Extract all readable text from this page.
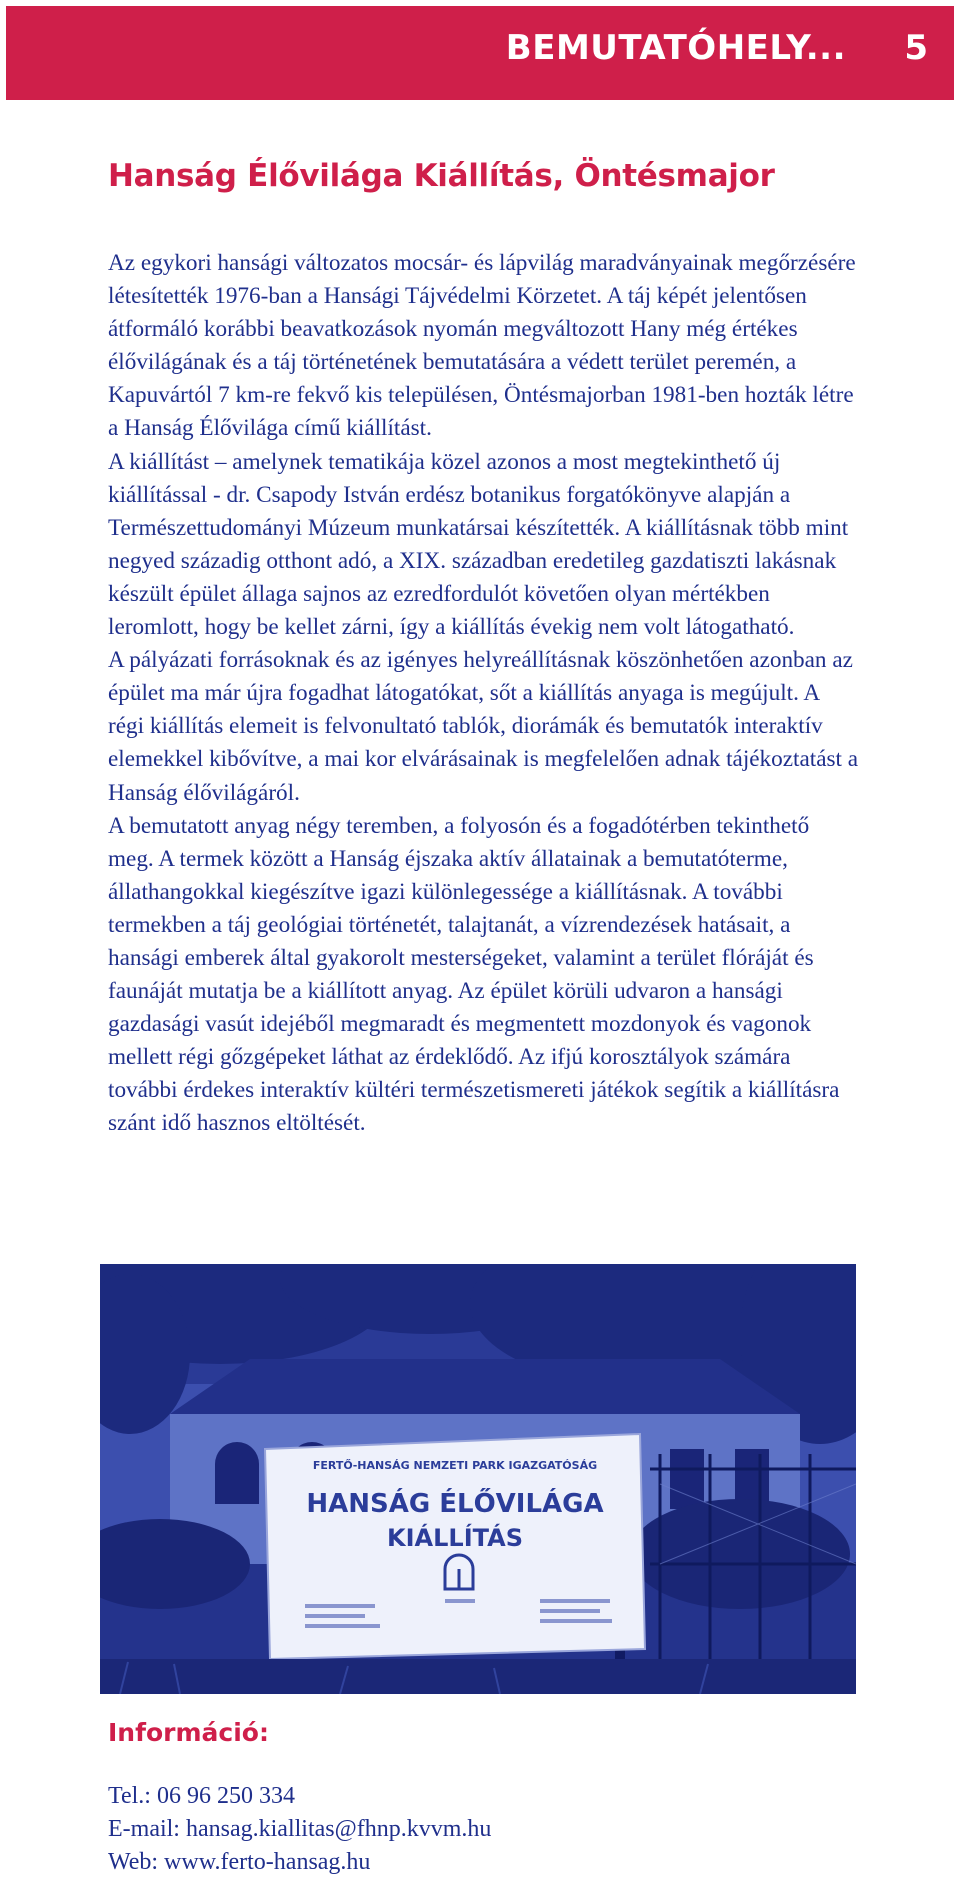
BEMUTATÓHELY... 5
Hanság Élővilága Kiállítás, Öntésmajor

Az egykori hansági változatos mocsár- és lápvilág maradványainak megőrzésére létesítették 1976-ban a Hansági Tájvédelmi Körzetet. A táj képét jelentősen átformáló korábbi beavatkozások nyomán megváltozott Hany még értékes élővilágának és a táj történetének bemutatására a védett terület peremén, a Kapuvártól 7 km-re fekvő kis településen, Öntésmajorban 1981-ben hozták létre a Hanság Élővilága című kiállítást.

A kiállítást – amelynek tematikája közel azonos a most megtekinthető új kiállítással - dr. Csapody István erdész botanikus forgatókönyve alapján a Természettudományi Múzeum munkatársai készítették. A kiállításnak több mint negyed századig otthont adó, a XIX. században eredetileg gazdatiszti lakásnak készült épület állaga sajnos az ezredfordulót követően olyan mértékben leromlott, hogy be kellet zárni, így a kiállítás évekig nem volt látogatható.

A pályázati forrásoknak és az igényes helyreállításnak köszönhetően azonban az épület ma már újra fogadhat látogatókat, sőt a kiállítás anyaga is megújult. A régi kiállítás elemeit is felvonultató tablók, diorámák és bemutatók interaktív elemekkel kibővítve, a mai kor elvárásainak is megfelelően adnak tájékoztatást a Hanság élővilágáról.

A bemutatott anyag négy teremben, a folyosón és a fogadótérben tekinthető meg. A termek között a Hanság éjszaka aktív állatainak a bemutatóterme, állathangokkal kiegészítve igazi különlegessége a kiállításnak. A további termekben a táj geológiai történetét, talajtanát, a vízrendezések hatásait, a hansági emberek által gyakorolt mesterségeket, valamint a terület flóráját és faunáját mutatja be a kiállított anyag. Az épület körüli udvaron a hansági gazdasági vasút idejéből megmaradt és megmentett mozdonyok és vagonok mellett régi gőzgépeket láthat az érdeklődő. Az ifjú korosztályok számára további érdekes interaktív kültéri természetismereti játékok segítik a kiállításra szánt idő hasznos eltöltését.

FERTŐ-HANSÁG NEMZETI PARK IGAZGATÓSÁG
HANSÁG ÉLŐVILÁGA
KIÁLLÍTÁS
Információ:
Tel.: 06 96 250 334
E-mail: hansag.kiallitas@fhnp.kvvm.hu
Web: www.ferto-hansag.hu
